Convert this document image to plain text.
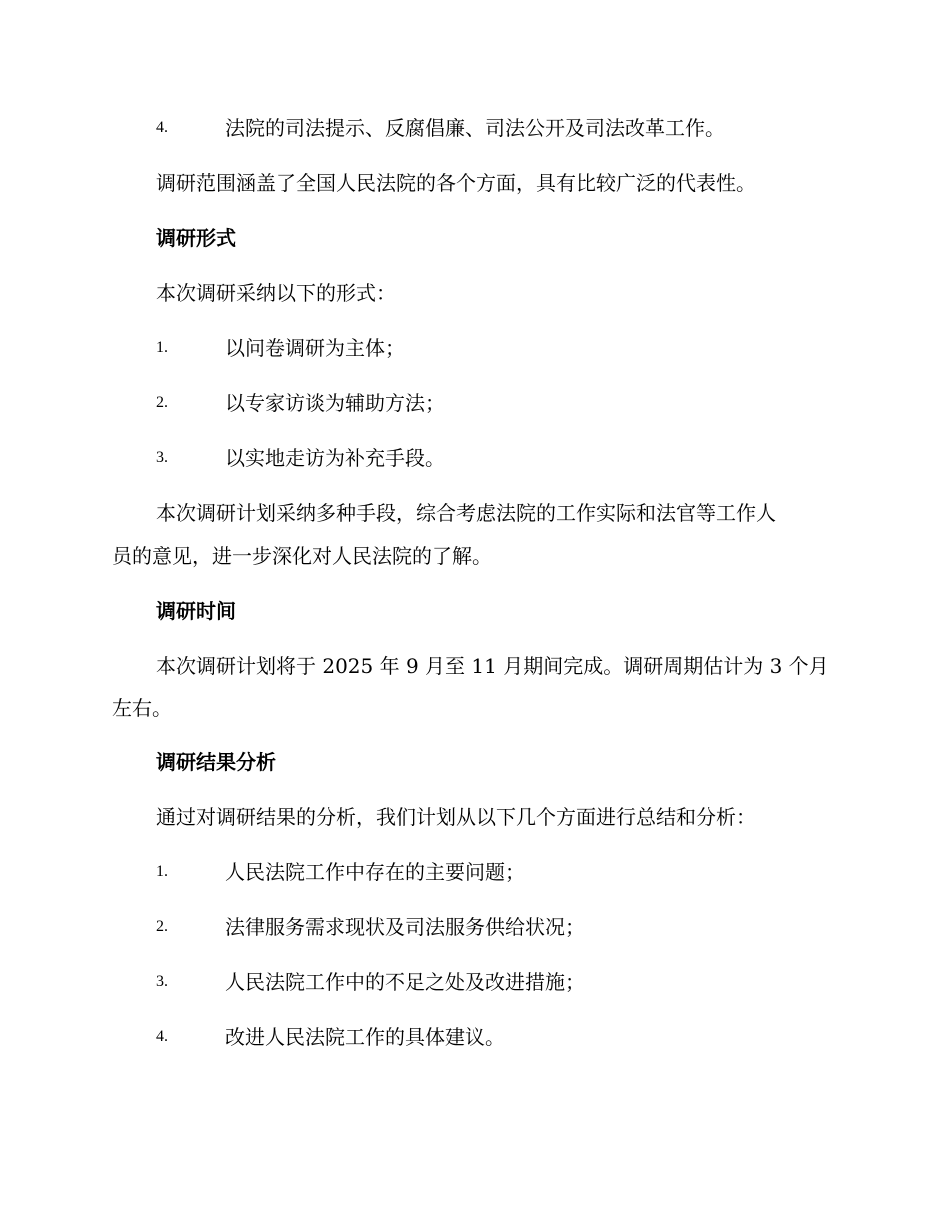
4.	法院的司法提示、反腐倡廉、司法公开及司法改革工作。
调研范围涵盖了全国人民法院的各个方面，具有比较广泛的代表性。
调研形式
本次调研采纳以下的形式：
1.	以问卷调研为主体；
2.	以专家访谈为辅助方法；
3.	以实地走访为补充手段。
本次调研计划采纳多种手段，综合考虑法院的工作实际和法官等工作人
员的意见，进一步深化对人民法院的了解。
调研时间
本次调研计划将于 2025 年 9 月至 11 月期间完成。调研周期估计为 3 个月
左右。
调研结果分析
通过对调研结果的分析，我们计划从以下几个方面进行总结和分析：
1.	人民法院工作中存在的主要问题；
2.	法律服务需求现状及司法服务供给状况；
3.	人民法院工作中的不足之处及改进措施；
4.	改进人民法院工作的具体建议。
